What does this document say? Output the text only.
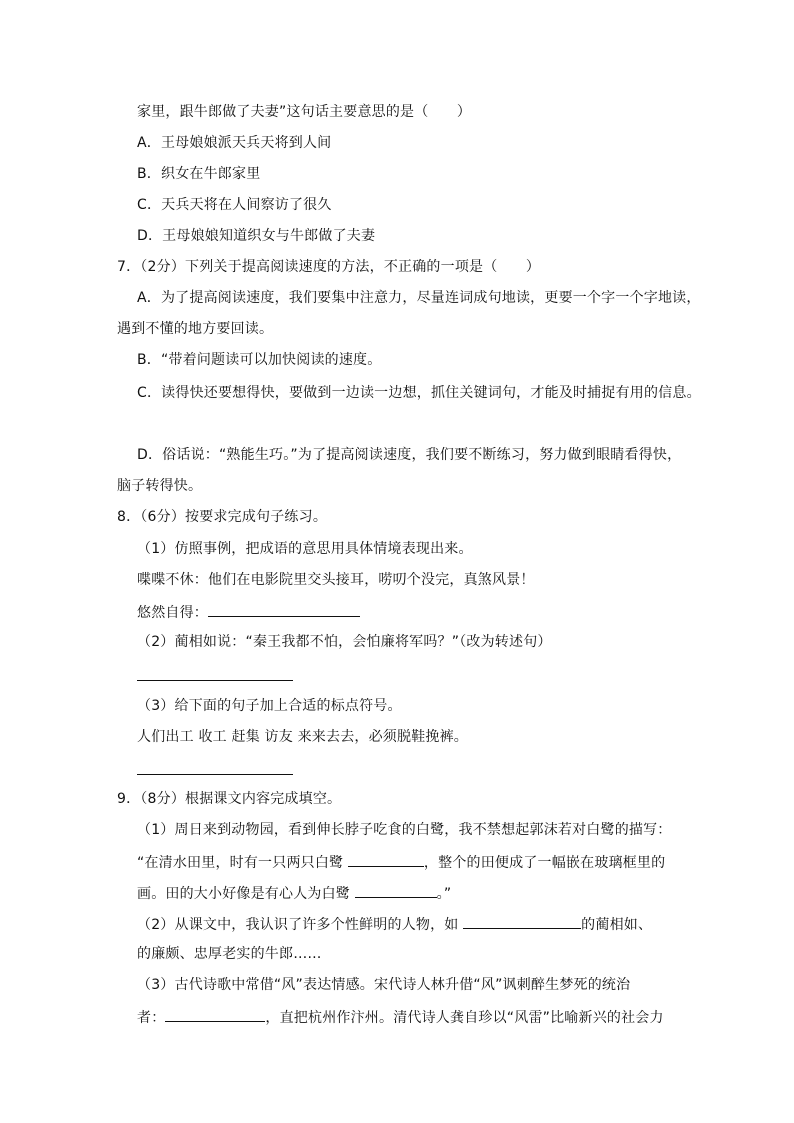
家里，跟牛郎做了夫妻”这句话主要意思的是（　　）
A．王母娘娘派天兵天将到人间
B．织女在牛郎家里
C．天兵天将在人间察访了很久
D．王母娘娘知道织女与牛郎做了夫妻
7．（2分）下列关于提高阅读速度的方法，不正确的一项是（　　）
A．为了提高阅读速度，我们要集中注意力，尽量连词成句地读，更要一个字一个字地读，
遇到不懂的地方要回读。
B．“带着问题读可以加快阅读的速度。
C．读得快还要想得快，要做到一边读一边想，抓住关键词句，才能及时捕捉有用的信息。
D．俗话说：“熟能生巧。”为了提高阅读速度，我们要不断练习，努力做到眼睛看得快，
脑子转得快。
8．（6分）按要求完成句子练习。
（1）仿照事例，把成语的意思用具体情境表现出来。
喋喋不休：他们在电影院里交头接耳，唠叨个没完，真煞风景！
悠然自得：
（2）蔺相如说：“秦王我都不怕，会怕廉将军吗？”（改为转述句）
（3）给下面的句子加上合适的标点符号。
人们出工 收工 赶集 访友 来来去去，必须脱鞋挽裤。
9．（8分）根据课文内容完成填空。
（1）周日来到动物园，看到伸长脖子吃食的白鹭，我不禁想起郭沫若对白鹭的描写：
“在清水田里，时有一只两只白鹭	，整个的田便成了一幅嵌在玻璃框里的
画。田的大小好像是有心人为白鹭	。”
（2）从课文中，我认识了许多个性鲜明的人物，如	的蔺相如、
的廉颇、忠厚老实的牛郎……
（3）古代诗歌中常借“风”表达情感。宋代诗人林升借“风”讽刺醉生梦死的统治
者：	，直把杭州作汴州。清代诗人龚自珍以“风雷”比喻新兴的社会力
